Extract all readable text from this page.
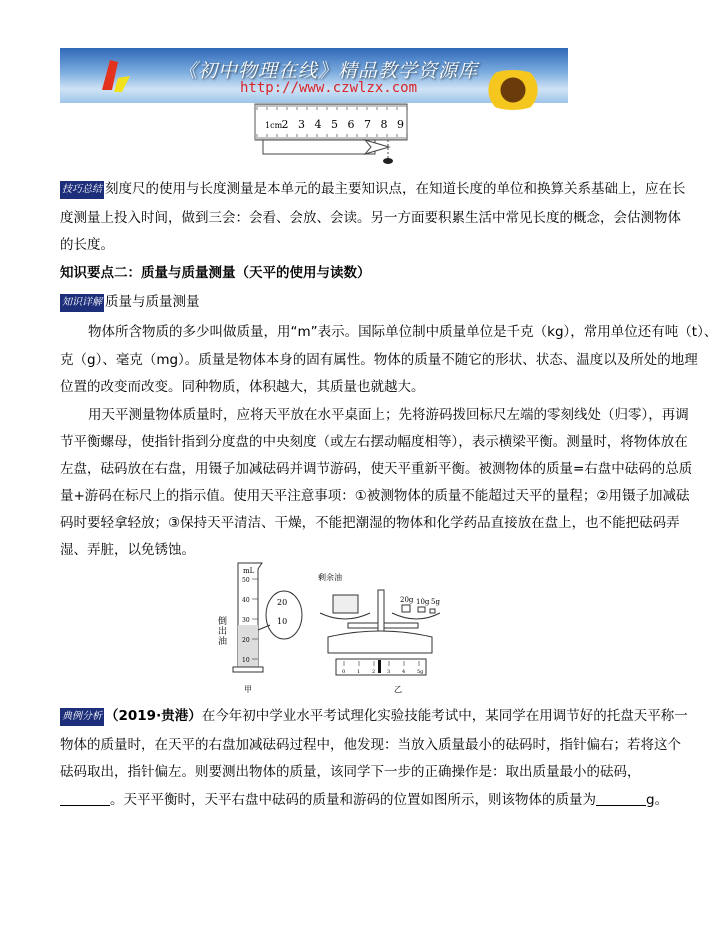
《初中物理在线》精品教学资源库
http://www.czwlzx.com
1cm 2 3 4 5 6 7 8 9
技巧总结 刻度尺的使用与长度测量是本单元的最主要知识点，在知道长度的单位和换算关系基础上，应在长
度测量上投入时间，做到三会：会看、会放、会读。另一方面要积累生活中常见长度的概念，会估测物体
的长度。
知识要点二：质量与质量测量（天平的使用与读数）
知识详解 质量与质量测量
物体所含物质的多少叫做质量，用“m”表示。国际单位制中质量单位是千克（kg），常用单位还有吨（t）、
克（g）、毫克（mg）。质量是物体本身的固有属性。物体的质量不随它的形状、状态、温度以及所处的地理
位置的改变而改变。同种物质，体积越大，其质量也就越大。
用天平测量物体质量时，应将天平放在水平桌面上；先将游码拨回标尺左端的零刻线处（归零），再调
节平衡螺母，使指针指到分度盘的中央刻度（或左右摆动幅度相等），表示横梁平衡。测量时，将物体放在
左盘，砝码放在右盘，用镊子加减砝码并调节游码，使天平重新平衡。被测物体的质量=右盘中砝码的总质
量+游码在标尺上的指示值。使用天平注意事项：①被测物体的质量不能超过天平的量程；②用镊子加减砝
码时要轻拿轻放；③保持天平清洁、干燥，不能把潮湿的物体和化学药品直接放在盘上，也不能把砝码弄
湿、弄脏，以免锈蚀。
mL
50
40
30
20
10
20
10
甲
剩余油
20g 10g 5g
0 1 2 3 4 5g
乙
倒出油
典例分析 （2019·贵港）在今年初中学业水平考试理化实验技能考试中，某同学在用调节好的托盘天平称一
物体的质量时，在天平的右盘加减砝码过程中，他发现：当放入质量最小的砝码时，指针偏右；若将这个
砝码取出，指针偏左。则要测出物体的质量，该同学下一步的正确操作是：取出质量最小的砝码，
。天平平衡时，天平右盘中砝码的质量和游码的位置如图所示，则该物体的质量为	g。
